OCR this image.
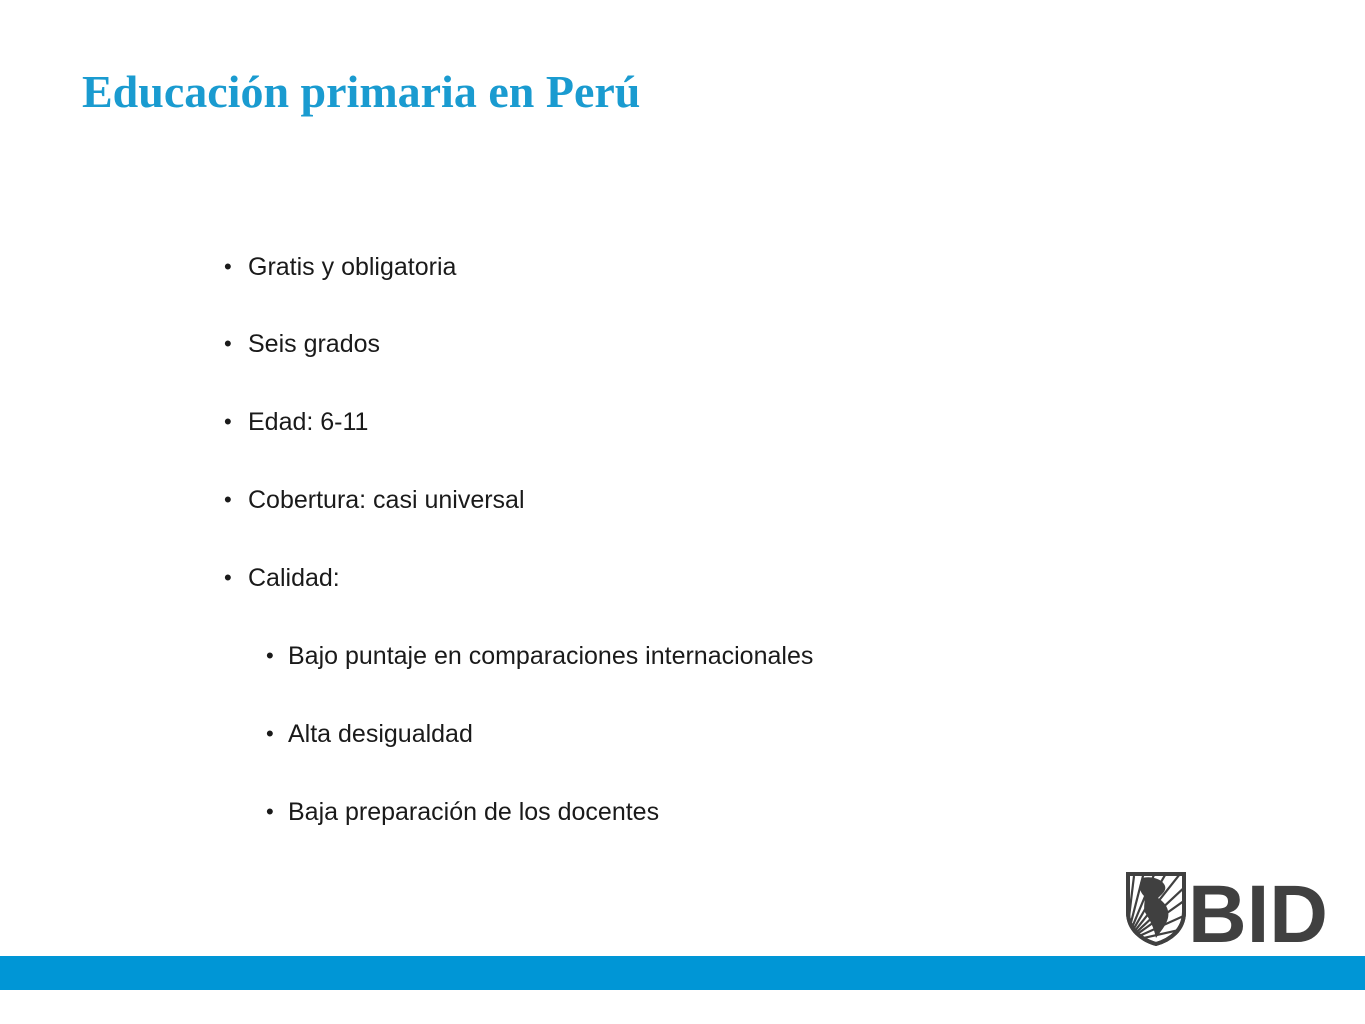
Educación primaria en Perú
• Gratis y obligatoria
• Seis grados
• Edad: 6-11
• Cobertura: casi universal
• Calidad:
• Bajo puntaje en comparaciones internacionales
• Alta desigualdad
• Baja preparación de los docentes
BID
